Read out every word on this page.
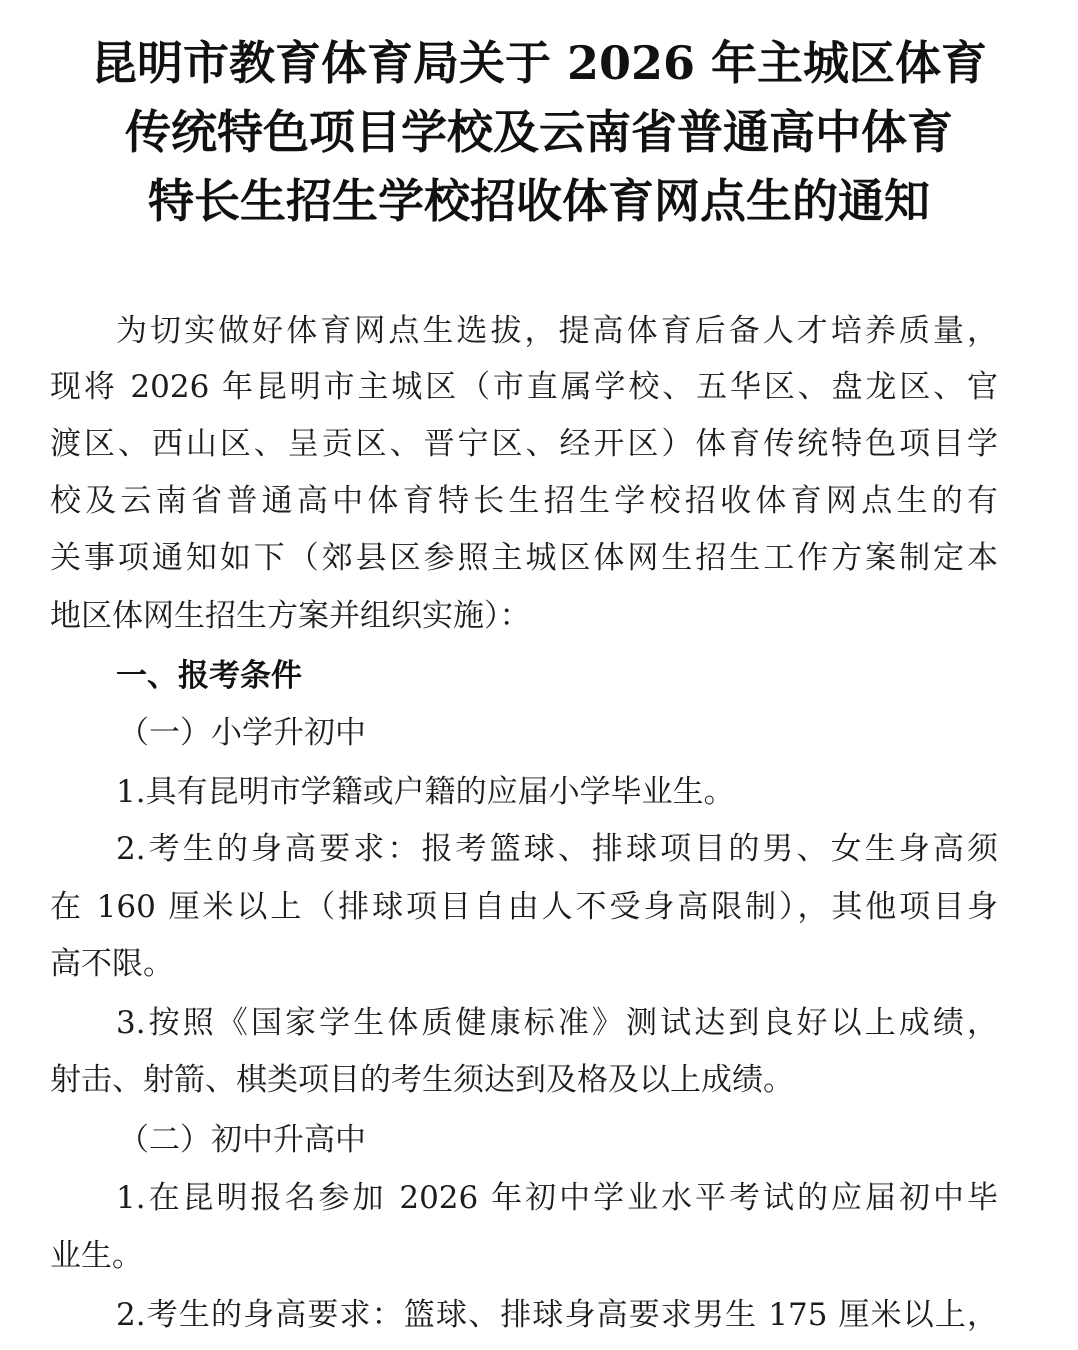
昆明市教育体育局关于 2026 年主城区体育
传统特色项目学校及云南省普通高中体育
特长生招生学校招收体育网点生的通知
为切实做好体育网点生选拔，提高体育后备人才培养质量，
现将 2026 年昆明市主城区（市直属学校、五华区、盘龙区、官
渡区、西山区、呈贡区、晋宁区、经开区）体育传统特色项目学
校及云南省普通高中体育特长生招生学校招收体育网点生的有
关事项通知如下（郊县区参照主城区体网生招生工作方案制定本
地区体网生招生方案并组织实施）：
一、报考条件
（一）小学升初中
1.具有昆明市学籍或户籍的应届小学毕业生。
2.考生的身高要求：报考篮球、排球项目的男、女生身高须
在 160 厘米以上（排球项目自由人不受身高限制），其他项目身
高不限。
3.按照《国家学生体质健康标准》测试达到良好以上成绩，
射击、射箭、棋类项目的考生须达到及格及以上成绩。
（二）初中升高中
1.在昆明报名参加 2026 年初中学业水平考试的应届初中毕
业生。
2.考生的身高要求：篮球、排球身高要求男生 175 厘米以上，
